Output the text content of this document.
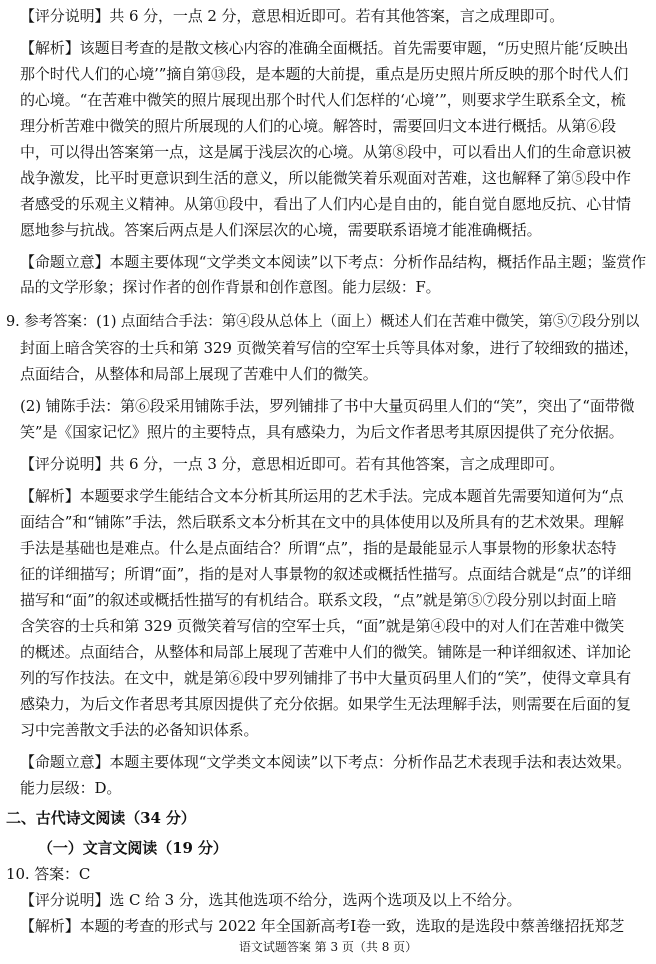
【评分说明】共 6 分，一点 2 分，意思相近即可。若有其他答案，言之成理即可。

【解析】该题目考查的是散文核心内容的准确全面概括。首先需要审题，“历史照片能‘反映出

那个时代人们的心境’”摘自第⑬段，是本题的大前提，重点是历史照片所反映的那个时代人们

的心境。“在苦难中微笑的照片展现出那个时代人们怎样的‘心境’”，则要求学生联系全文，梳

理分析苦难中微笑的照片所展现的人们的心境。解答时，需要回归文本进行概括。从第⑥段

中，可以得出答案第一点，这是属于浅层次的心境。从第⑧段中，可以看出人们的生命意识被

战争激发，比平时更意识到生活的意义，所以能微笑着乐观面对苦难，这也解释了第⑤段中作

者感受的乐观主义精神。从第⑪段中，看出了人们内心是自由的，能自觉自愿地反抗、心甘情

愿地参与抗战。答案后两点是人们深层次的心境，需要联系语境才能准确概括。

【命题立意】本题主要体现“文学类文本阅读”以下考点：分析作品结构，概括作品主题；鉴赏作

品的文学形象；探讨作者的创作背景和创作意图。能力层级：F。

9. 参考答案：(1) 点面结合手法：第④段从总体上（面上）概述人们在苦难中微笑，第⑤⑦段分别以

封面上暗含笑容的士兵和第 329 页微笑着写信的空军士兵等具体对象，进行了较细致的描述，

点面结合，从整体和局部上展现了苦难中人们的微笑。

(2) 铺陈手法：第⑥段采用铺陈手法，罗列铺排了书中大量页码里人们的“笑”，突出了“面带微

笑”是《国家记忆》照片的主要特点，具有感染力，为后文作者思考其原因提供了充分依据。

【评分说明】共 6 分，一点 3 分，意思相近即可。若有其他答案，言之成理即可。

【解析】本题要求学生能结合文本分析其所运用的艺术手法。完成本题首先需要知道何为“点

面结合”和“铺陈”手法，然后联系文本分析其在文中的具体使用以及所具有的艺术效果。理解

手法是基础也是难点。什么是点面结合？所谓“点”，指的是最能显示人事景物的形象状态特

征的详细描写；所谓“面”，指的是对人事景物的叙述或概括性描写。点面结合就是“点”的详细

描写和“面”的叙述或概括性描写的有机结合。联系文段，“点”就是第⑤⑦段分别以封面上暗

含笑容的士兵和第 329 页微笑着写信的空军士兵，“面”就是第④段中的对人们在苦难中微笑

的概述。点面结合，从整体和局部上展现了苦难中人们的微笑。铺陈是一种详细叙述、详加论

列的写作技法。在文中，就是第⑥段中罗列铺排了书中大量页码里人们的“笑”，使得文章具有

感染力，为后文作者思考其原因提供了充分依据。如果学生无法理解手法，则需要在后面的复

习中完善散文手法的必备知识体系。

【命题立意】本题主要体现“文学类文本阅读”以下考点：分析作品艺术表现手法和表达效果。

能力层级：D。

二、古代诗文阅读（34 分）

（一）文言文阅读（19 分）

10. 答案：C

【评分说明】选 C 给 3 分，选其他选项不给分，选两个选项及以上不给分。

【解析】本题的考查的形式与 2022 年全国新高考Ⅰ卷一致，选取的是选段中蔡善继招抚郑芝

语文试题答案 第 3 页（共 8 页）
